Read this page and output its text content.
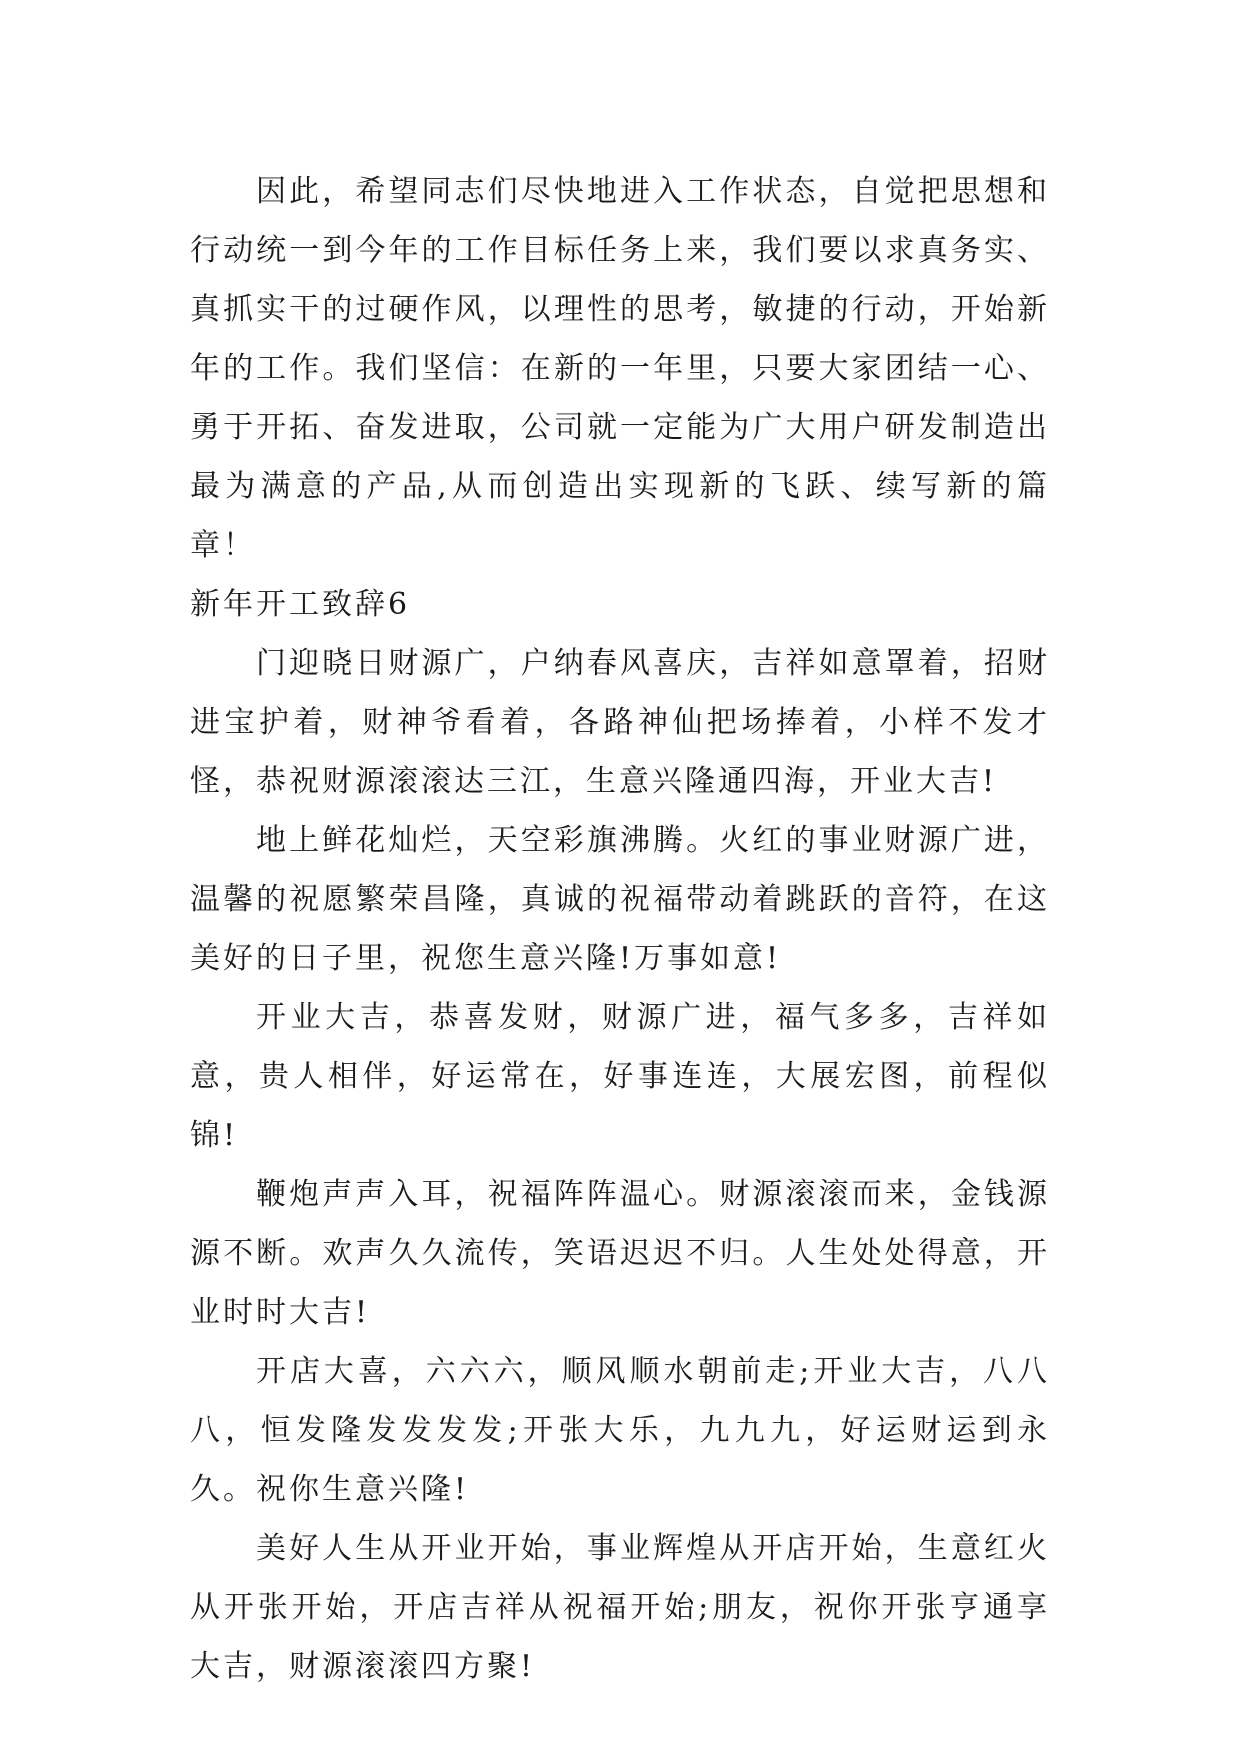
因此，希望同志们尽快地进入工作状态，自觉把思想和行动统一到今年的工作目标任务上来，我们要以求真务实、真抓实干的过硬作风，以理性的思考，敏捷的行动，开始新年的工作。我们坚信：在新的一年里，只要大家团结一心、勇于开拓、奋发进取，公司就一定能为广大用户研发制造出最为满意的产品,从而创造出实现新的飞跃、续写新的篇章！

新年开工致辞6

门迎晓日财源广，户纳春风喜庆，吉祥如意罩着，招财进宝护着，财神爷看着，各路神仙把场捧着，小样不发才怪，恭祝财源滚滚达三江，生意兴隆通四海，开业大吉!

地上鲜花灿烂，天空彩旗沸腾。火红的事业财源广进，温馨的祝愿繁荣昌隆，真诚的祝福带动着跳跃的音符，在这美好的日子里，祝您生意兴隆!万事如意!

开业大吉，恭喜发财，财源广进，福气多多，吉祥如意，贵人相伴，好运常在，好事连连，大展宏图，前程似锦!

鞭炮声声入耳，祝福阵阵温心。财源滚滚而来，金钱源源不断。欢声久久流传，笑语迟迟不归。人生处处得意，开业时时大吉!

开店大喜，六六六，顺风顺水朝前走;开业大吉，八八八，恒发隆发发发发;开张大乐，九九九，好运财运到永久。祝你生意兴隆!

美好人生从开业开始，事业辉煌从开店开始，生意红火从开张开始，开店吉祥从祝福开始;朋友，祝你开张亨通享大吉，财源滚滚四方聚!
